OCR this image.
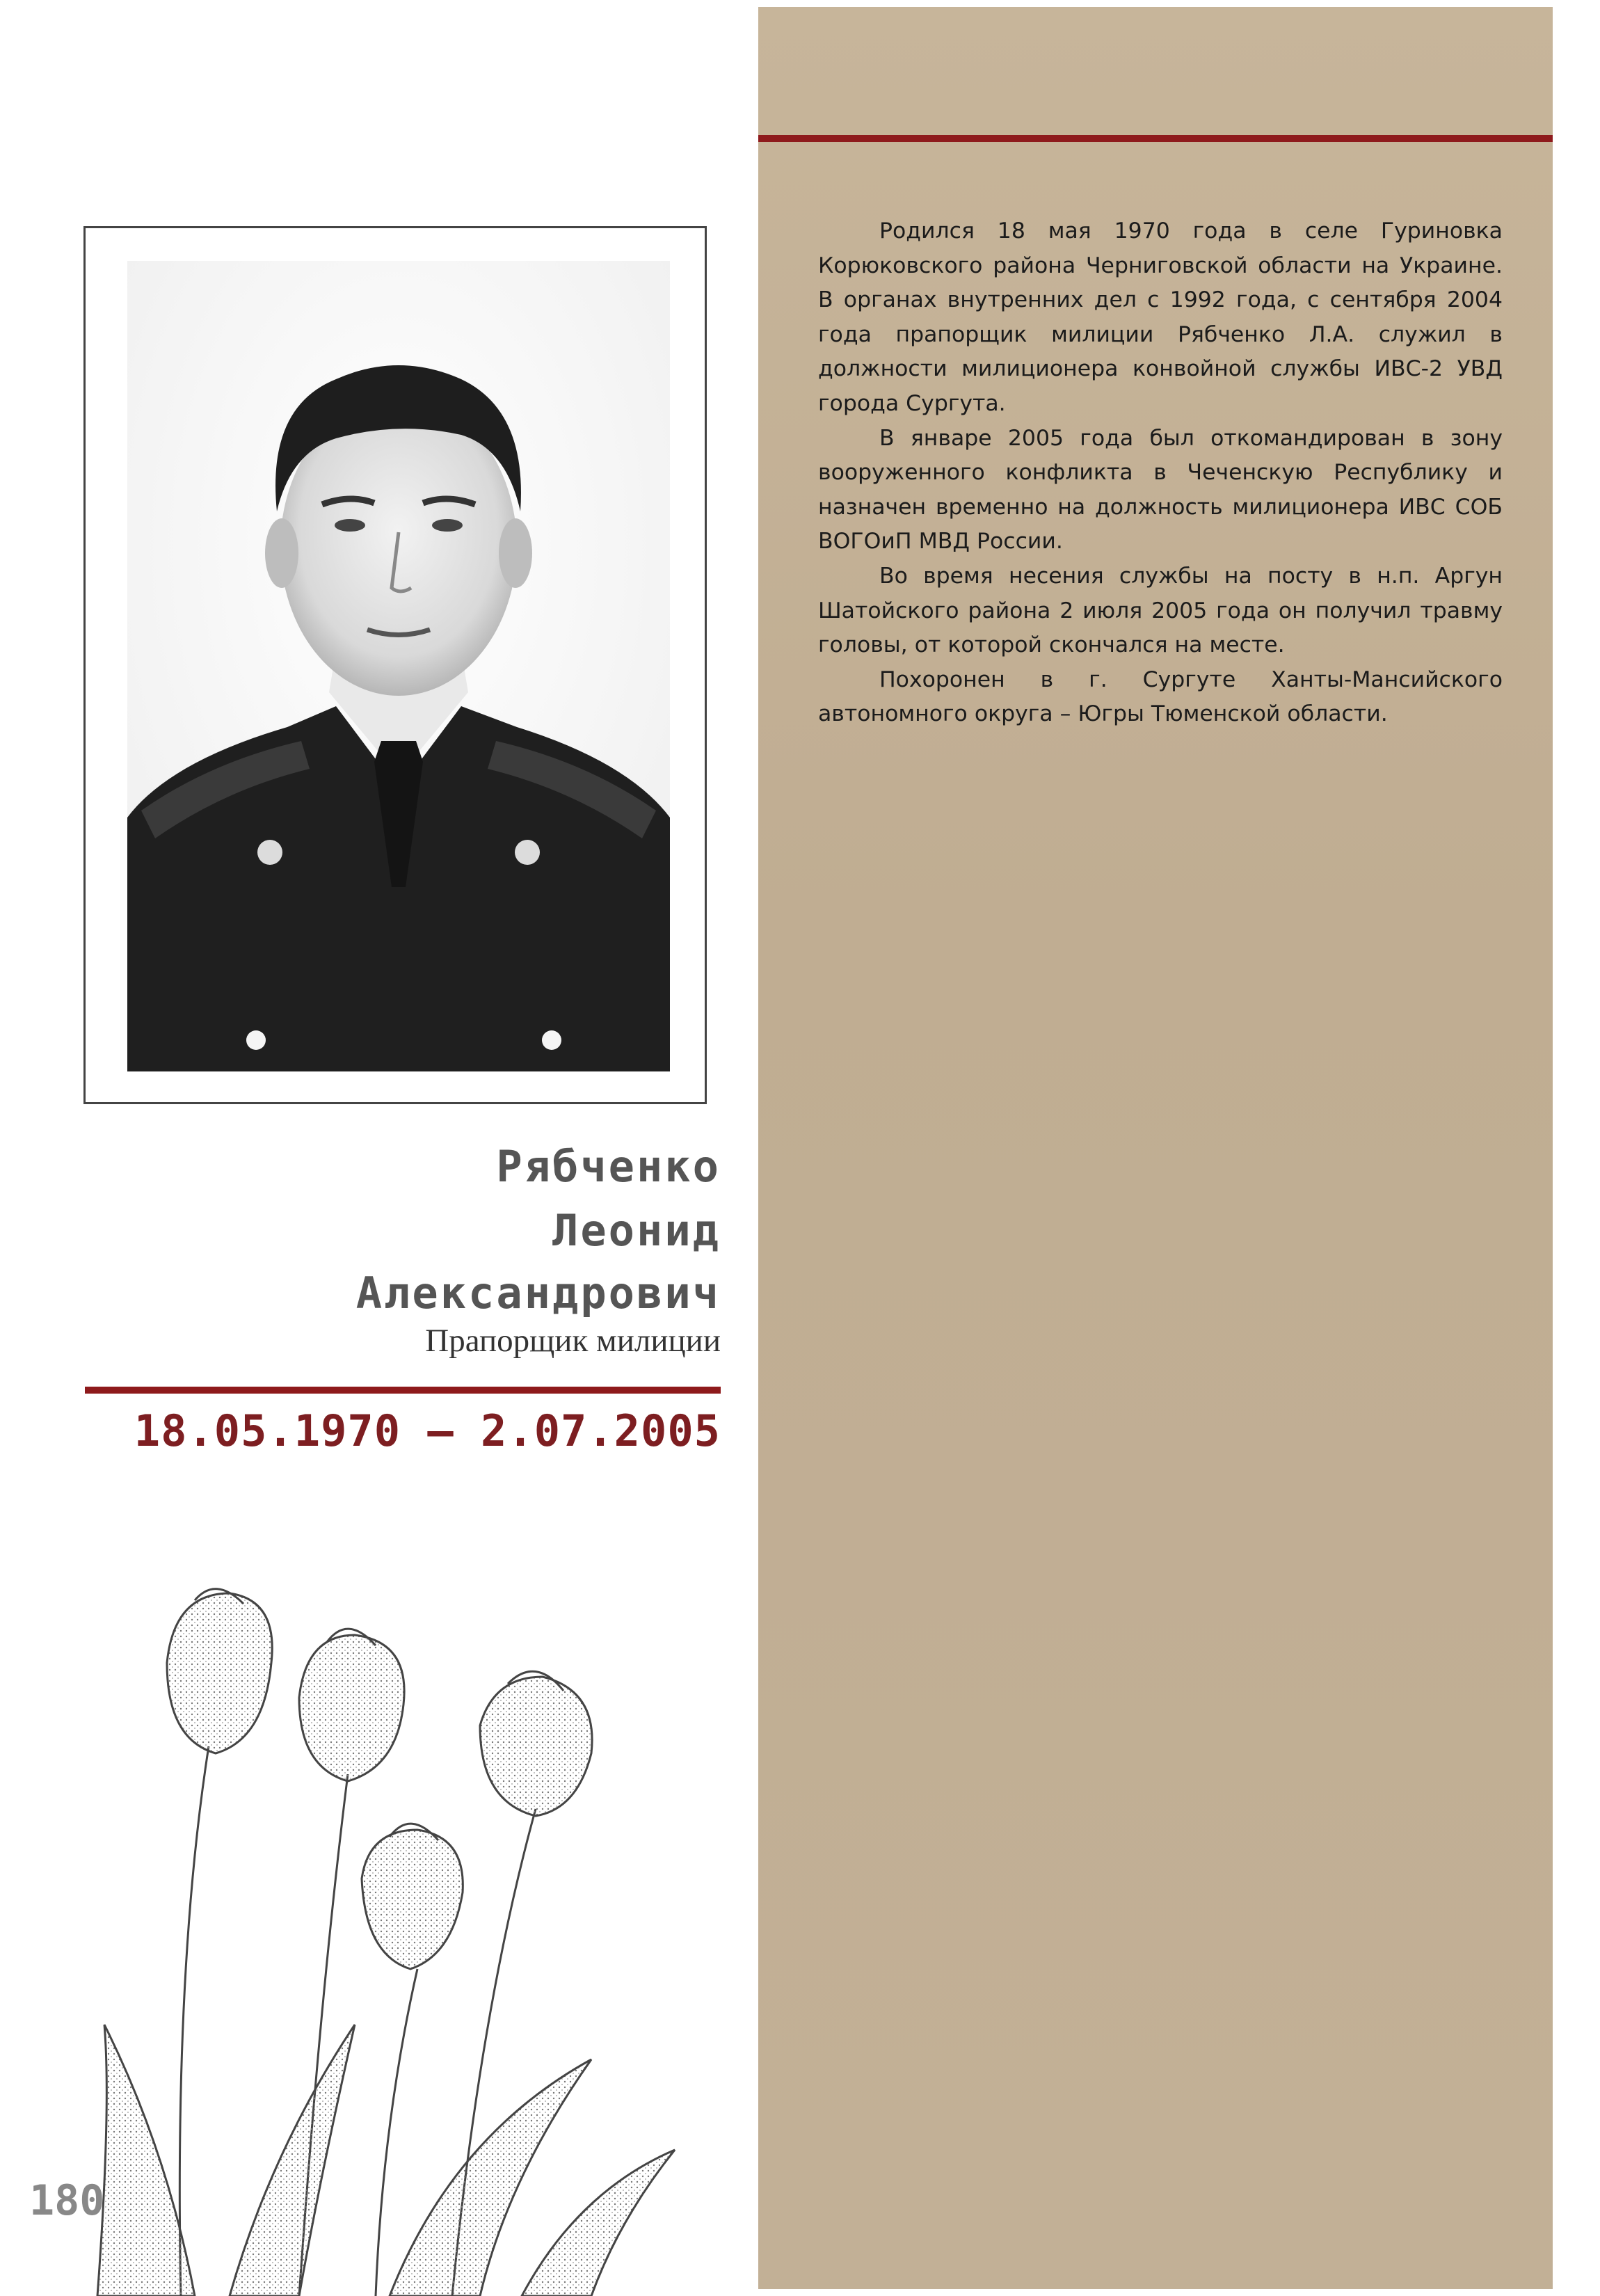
Родился 18 мая 1970 года в селе Гуриновка Корюковского района Черниговской области на Украине. В органах внутренних дел с 1992 года, с сентября 2004 года прапорщик милиции Рябченко Л.А. служил в должности милиционера конвойной службы ИВС-2 УВД города Сургута.

В январе 2005 года был откомандирован в зону вооруженного конфликта в Чеченскую Республику и назначен временно на должность милиционера ИВС СОБ ВОГОиП МВД России.

Во время несения службы на посту в н.п. Аргун Шатойского района 2 июля 2005 года он получил травму головы, от которой скончался на месте.

Похоронен в г. Сургуте Ханты-Мансийского автономного округа – Югры Тюменской области.

Рябченко
Леонид
Александрович
Прапорщик милиции
18.05.1970 – 2.07.2005
180
